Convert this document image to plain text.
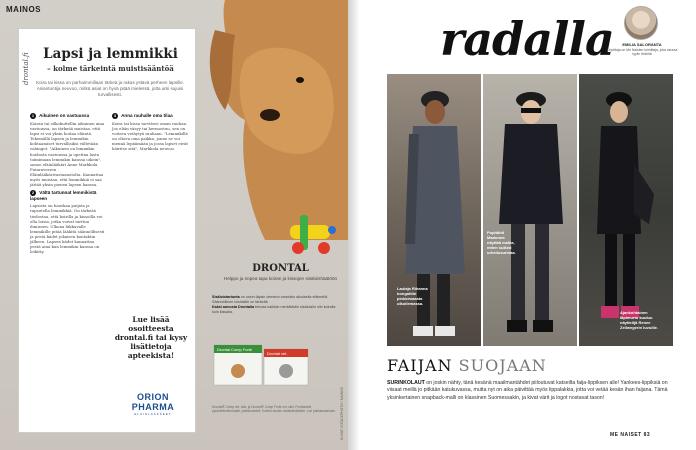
MAINOS
drontal.fi Lapsi ja lemmikki
– kolme tärkeintä muistisääntöä
Koira tai kissa on parhaimmillaan tärkeä ja rakas ystävä perheen lapsille. Asiantuntija neuvoo, mitkä asiat on hyvä pitää mielessä, jotta arki sujuisi turvallisesti.
1 Aikuinen on vastuussa

Koiran tai silkokuttellin aikuinen aina vastuussa, on tärkeää muistaa, että lapsi ei voi yksin hoitaa eläintä. Tekemällä lapsen ja lemmikin kohtaamiset turvallisiksi vältetään vahingot. "Aikuinen on lemmikin hoidosta vastuussa ja opettaa lasta toimimaan lemmikin kanssa oikein", sanoo eläinlääkäri Anne Markkola Putaraverren Eläinlääkärivastaanotolta. Kannattaa myös muistaa, että lemmikkiä ei saa jättää yksin pienen lapsen kanssa.

2 Vältä tartunnat lemmikistä lapseen

Lapsista on hauskaa paijata ja rapsutella lemmikkiä. On tärkeää tiedostaa, että koirilla ja kissoilla voi olla loisia, jotka voivat tarttua ihmiseen. Ulkona liikkuvalle lemmikille pitää lääkitä säännöllisesti ja pestä kädet jokaisen kontaktin jälkeen. Lapsen kädet kannattaa pestä aina kun lemmikin kanssa on leikitty.

3 Anna rauhalle oma tilaa

Koira tai kissa tarvitsee oman rauhan. Jos eläin väsyy tai hermostuu, sen on voitava vetäytyä rauhaan. "Lemmikillä on oltava oma paikka, jonne se voi mennä lepäämään ja jossa lapset eivät häiritse sitä", Markkola neuvoo.

Lue lisää osoitteesta drontal.fi tai kysy lisätietoja apteekista!
ORION PHARMA
ELÄINLÄÄKKEET
DRONTAL
Helppo ja nopea tapa koiran ja kissojen sisäloishäätöön
Sisäloistartunta on usein täysin oireeton varsinkin aikuisella eläimellä. Säännöllinen loishäätö on tärkeää.
Kaksi annosta Drontalia tehoaa kaikkiin merkittäviin sisäloisiin niin koiralla kuin kissalla.
Drontal Comp Forte
Drontal vet.
Drontal® Comp vet. tabl. ja Drontal® Comp Forte vet. tabl. Fenbantelli, pyranteliembonaatti, pratsikvanteli. Koirien suolen sisäloishäätöön. Lue pakkausseloste.	KUVAT: ISTOCKPHOTO / MAINOS
radalla	EMILIA SALORANTA
Kirjoittaja on Me Naisten toimittaja, joka seuraa tyylin ilmiöitä
Laulaja Rihanna bongattiin pinkkimaasta ulkoilemassa.
Popitähti Madonna näyttää mallia, miten suiked urheilusurmaa.
Ajankohtainen läpimurto kuuluu näyttelijä Renee Zellwegerin luvuille.
FAIJAN SUOJAAN
SURINKOLAUT on joskin nähty, tänä kesänä maailmantähdet piiloutuvat katseilta faija-lippiksen alle! Yankees-lippiksiä on viisaat meillä jo pitkään katukuvassa, mutta nyt on aika päivittää myös lippalakkia, jotta voi vetää kesän ihan faijana. Tämä yksinkertainen snapback-malli on klassinen Suomessakin, ja kivat värit ja logot nostavat tason!
ME NAISET 83
